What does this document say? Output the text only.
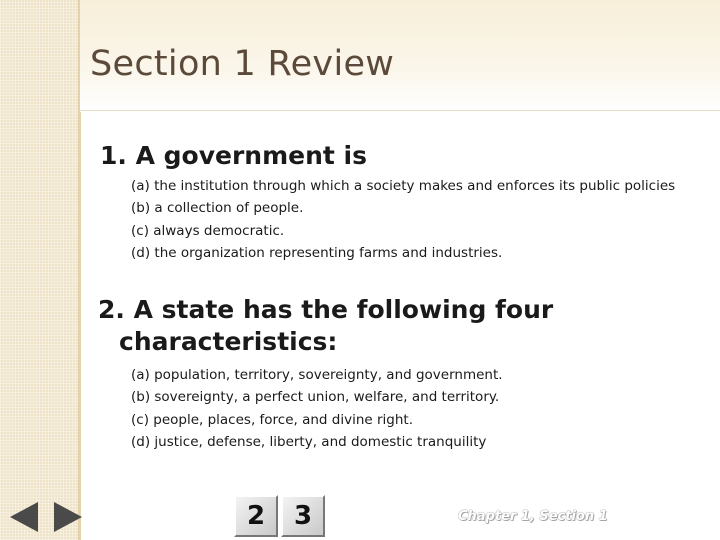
Section 1 Review
1. A government is
(a) the institution through which a society makes and enforces its public policies
(b) a collection of people.
(c) always democratic.
(d) the organization representing farms and industries.
2. A state has the following four
characteristics:
(a) population, territory, sovereignty, and government.
(b) sovereignty, a perfect union, welfare, and territory.
(c) people, places, force, and divine right.
(d) justice, defense, liberty, and domestic tranquility
2	3	Chapter 1, Section 1
